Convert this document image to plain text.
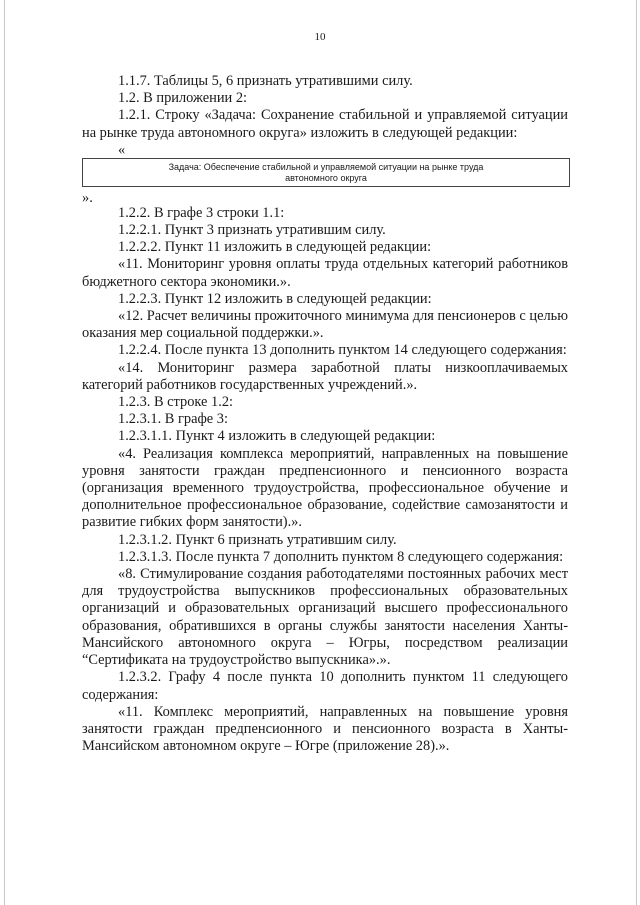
10

1.1.7. Таблицы 5, 6 признать утратившими силу.

1.2. В приложении 2:

1.2.1. Строку «Задача: Сохранение стабильной и управляемой ситуации на рынке труда автономного округа» изложить в следующей редакции:

«

Задача: Обеспечение стабильной и управляемой ситуации на рынке труда
автономного округа

».

1.2.2. В графе 3 строки 1.1:

1.2.2.1. Пункт 3 признать утратившим силу.

1.2.2.2. Пункт 11 изложить в следующей редакции:

«11. Мониторинг уровня оплаты труда отдельных категорий работников бюджетного сектора экономики.».

1.2.2.3. Пункт 12 изложить в следующей редакции:

«12. Расчет величины прожиточного минимума для пенсионеров с целью оказания мер социальной поддержки.».

1.2.2.4. После пункта 13 дополнить пунктом 14 следующего содержания:

«14. Мониторинг размера заработной платы низкооплачиваемых категорий работников государственных учреждений.».

1.2.3. В строке 1.2:

1.2.3.1. В графе 3:

1.2.3.1.1. Пункт 4 изложить в следующей редакции:

«4. Реализация комплекса мероприятий, направленных на повышение уровня занятости граждан предпенсионного и пенсионного возраста (организация временного трудоустройства, профессиональное обучение и дополнительное профессиональное образование, содействие самозанятости и развитие гибких форм занятости).».

1.2.3.1.2. Пункт 6 признать утратившим силу.

1.2.3.1.3. После пункта 7 дополнить пунктом 8 следующего содержания:

«8. Стимулирование создания работодателями постоянных рабочих мест для трудоустройства выпускников профессиональных образовательных организаций и образовательных организаций высшего профессионального образования, обратившихся в органы службы занятости населения Ханты-Мансийского автономного округа – Югры, посредством реализации “Сертификата на трудоустройство выпускника».».

1.2.3.2. Графу 4 после пункта 10 дополнить пунктом 11 следующего содержания:

«11. Комплекс мероприятий, направленных на повышение уровня занятости граждан предпенсионного и пенсионного возраста в Ханты-Мансийском автономном округе – Югре (приложение 28).».
